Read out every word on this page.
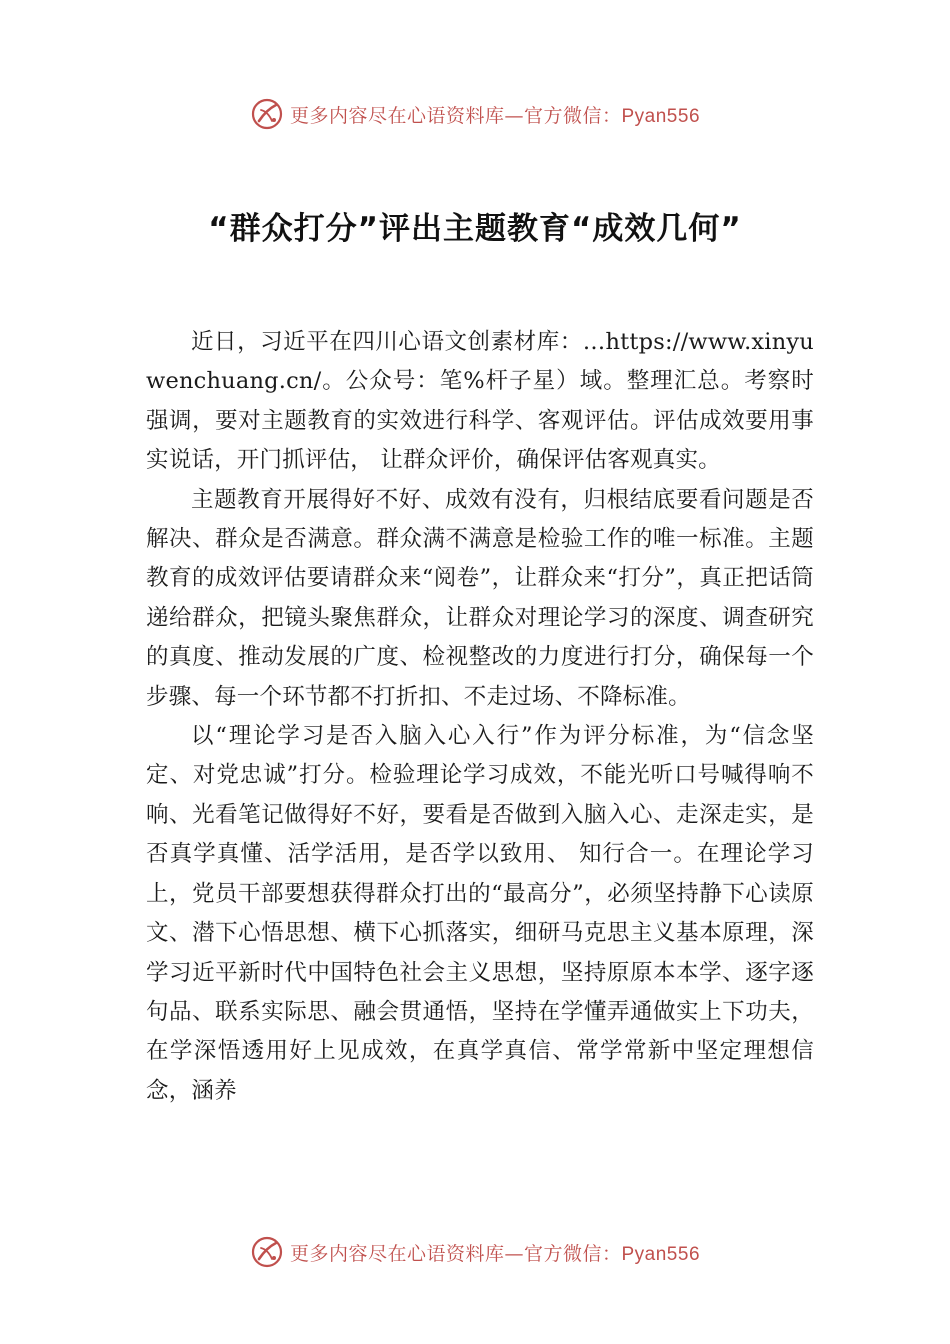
更多内容尽在心语资料库—官方微信：Pyan556
“群众打分”评出主题教育“成效几何”

近日，习近平在四川心语文创素材库：…https://www.xinyuwenchuang.cn/。公众号：笔%杆子星）域。整理汇总。考察时强调，要对主题教育的实效进行科学、客观评估。评估成效要用事实说话，开门抓评估， 让群众评价，确保评估客观真实。

主题教育开展得好不好、成效有没有，归根结底要看问题是否解决、群众是否满意。群众满不满意是检验工作的唯一标准。主题教育的成效评估要请群众来“阅卷”，让群众来“打分”，真正把话筒递给群众，把镜头聚焦群众，让群众对理论学习的深度、调查研究的真度、推动发展的广度、检视整改的力度进行打分，确保每一个步骤、每一个环节都不打折扣、不走过场、不降标准。

以“理论学习是否入脑入心入行”作为评分标准，为“信念坚定、对党忠诚”打分。检验理论学习成效，不能光听口号喊得响不响、光看笔记做得好不好，要看是否做到入脑入心、走深走实，是否真学真懂、活学活用，是否学以致用、 知行合一。在理论学习上，党员干部要想获得群众打出的“最高分”，必须坚持静下心读原文、潜下心悟思想、横下心抓落实，细研马克思主义基本原理，深学习近平新时代中国特色社会主义思想，坚持原原本本学、逐字逐句品、联系实际思、融会贯通悟，坚持在学懂弄通做实上下功夫，在学深悟透用好上见成效，在真学真信、常学常新中坚定理想信念，涵养

更多内容尽在心语资料库—官方微信：Pyan556
